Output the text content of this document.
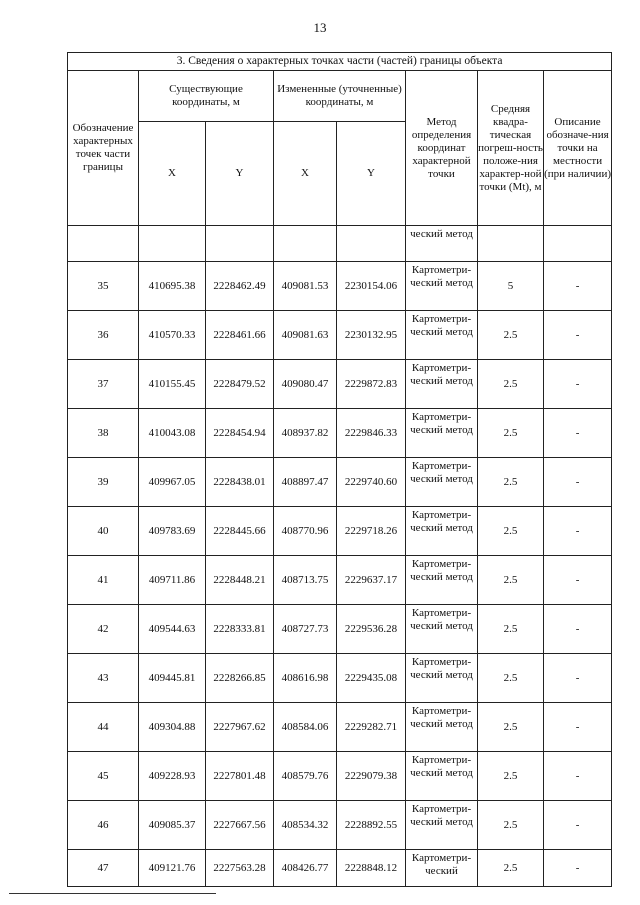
13
3. Сведения о характерных точках части (частей) границы объекта							
Обозначение характерных точек части границы	Существующие координаты, м		Измененные (уточненные) координаты, м		Метод определения координат характерной точки	Средняя квадра-тическая погреш-ность положе-ния характер-ной точки (Mt), м	Описание обозначе-ния точки на местности (при наличии)
	X	Y	X	Y			
					ческий метод		
35	410695.38	2228462.49	409081.53	2230154.06	Картометри-ческий метод	5	-
36	410570.33	2228461.66	409081.63	2230132.95	Картометри-ческий метод	2.5	-
37	410155.45	2228479.52	409080.47	2229872.83	Картометри-ческий метод	2.5	-
38	410043.08	2228454.94	408937.82	2229846.33	Картометри-ческий метод	2.5	-
39	409967.05	2228438.01	408897.47	2229740.60	Картометри-ческий метод	2.5	-
40	409783.69	2228445.66	408770.96	2229718.26	Картометри-ческий метод	2.5	-
41	409711.86	2228448.21	408713.75	2229637.17	Картометри-ческий метод	2.5	-
42	409544.63	2228333.81	408727.73	2229536.28	Картометри-ческий метод	2.5	-
43	409445.81	2228266.85	408616.98	2229435.08	Картометри-ческий метод	2.5	-
44	409304.88	2227967.62	408584.06	2229282.71	Картометри-ческий метод	2.5	-
45	409228.93	2227801.48	408579.76	2229079.38	Картометри-ческий метод	2.5	-
46	409085.37	2227667.56	408534.32	2228892.55	Картометри-ческий метод	2.5	-
47	409121.76	2227563.28	408426.77	2228848.12	Картометри-ческий	2.5	-
